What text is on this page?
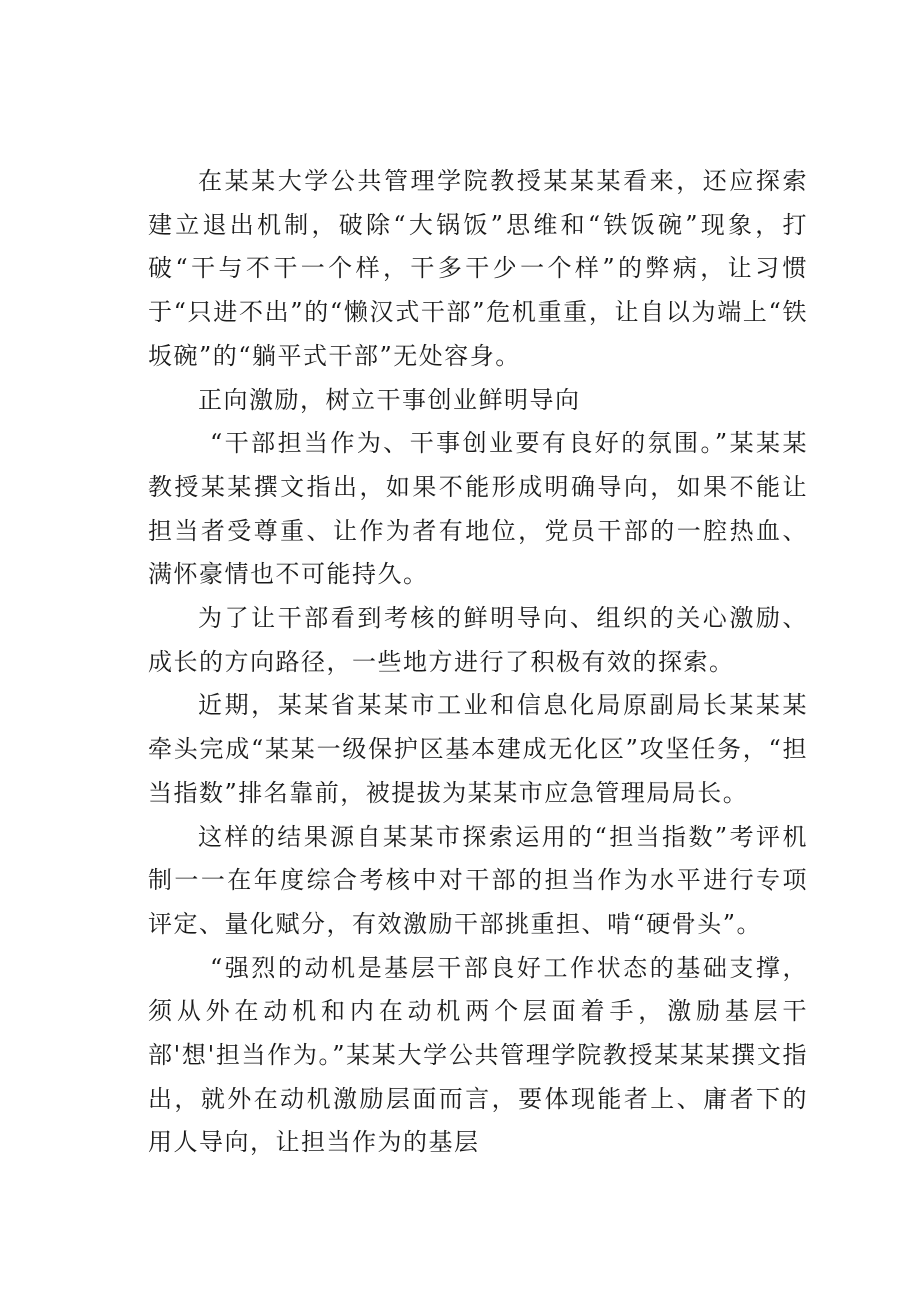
在某某大学公共管理学院教授某某某看来，还应探索建立退出机制，破除“大锅饭”思维和“铁饭碗”现象，打破“干与不干一个样，干多干少一个样”的弊病，让习惯于“只进不出”的“懒汉式干部”危机重重，让自以为端上“铁坂碗”的“躺平式干部”无处容身。

正向激励，树立干事创业鲜明导向

“干部担当作为、干事创业要有良好的氛围。”某某某教授某某撰文指出，如果不能形成明确导向，如果不能让担当者受尊重、让作为者有地位，党员干部的一腔热血、满怀豪情也不可能持久。

为了让干部看到考核的鲜明导向、组织的关心激励、成长的方向路径，一些地方进行了积极有效的探索。

近期，某某省某某市工业和信息化局原副局长某某某牵头完成“某某一级保护区基本建成无化区”攻坚任务，“担当指数”排名靠前，被提拔为某某市应急管理局局长。

这样的结果源自某某市探索运用的“担当指数”考评机制一一在年度综合考核中对干部的担当作为水平进行专项评定、量化赋分，有效激励干部挑重担、啃“硬骨头”。

“强烈的动机是基层干部良好工作状态的基础支撑，须从外在动机和内在动机两个层面着手，激励基层干部'想'担当作为。”某某大学公共管理学院教授某某某撰文指出，就外在动机激励层面而言，要体现能者上、庸者下的用人导向，让担当作为的基层
